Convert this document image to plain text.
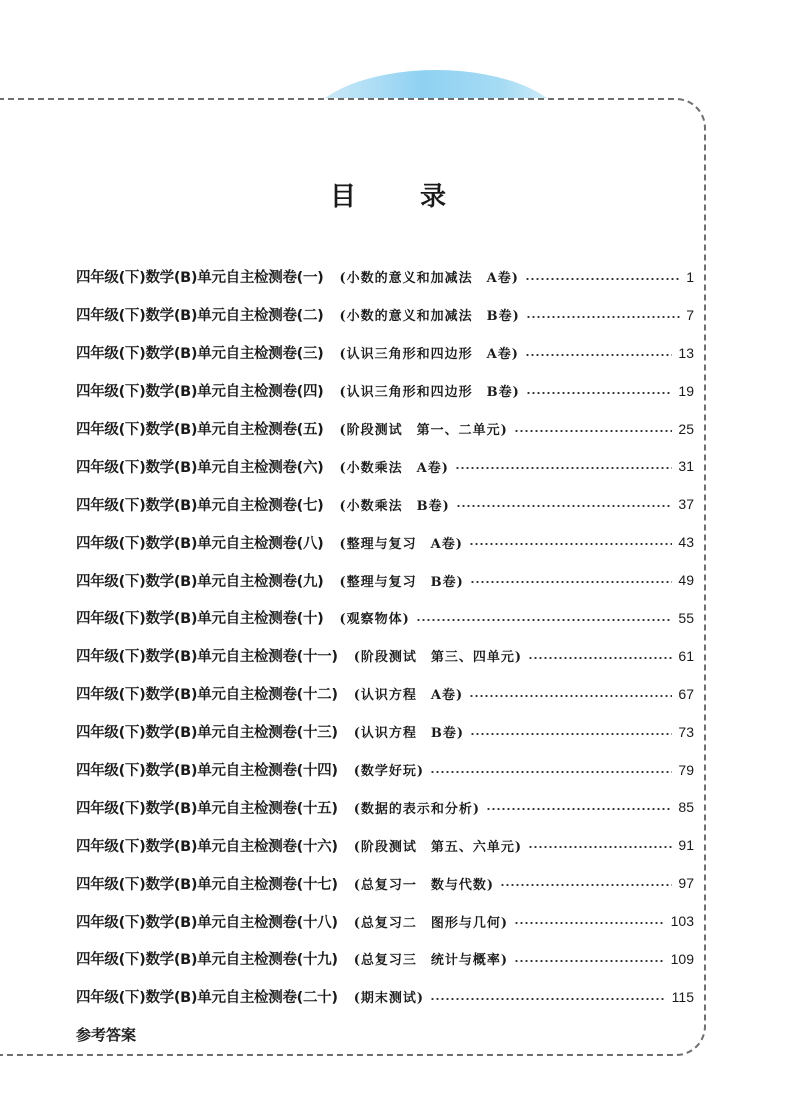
目 录
四年级(下)数学(B)单元自主检测卷(一) (小数的意义和加减法　A卷)	1
四年级(下)数学(B)单元自主检测卷(二) (小数的意义和加减法　B卷)	7
四年级(下)数学(B)单元自主检测卷(三) (认识三角形和四边形　A卷)	13
四年级(下)数学(B)单元自主检测卷(四) (认识三角形和四边形　B卷)	19
四年级(下)数学(B)单元自主检测卷(五) (阶段测试　第一、二单元)	25
四年级(下)数学(B)单元自主检测卷(六) (小数乘法　A卷)	31
四年级(下)数学(B)单元自主检测卷(七) (小数乘法　B卷)	37
四年级(下)数学(B)单元自主检测卷(八) (整理与复习　A卷)	43
四年级(下)数学(B)单元自主检测卷(九) (整理与复习　B卷)	49
四年级(下)数学(B)单元自主检测卷(十) (观察物体)	55
四年级(下)数学(B)单元自主检测卷(十一) (阶段测试　第三、四单元)	61
四年级(下)数学(B)单元自主检测卷(十二) (认识方程　A卷)	67
四年级(下)数学(B)单元自主检测卷(十三) (认识方程　B卷)	73
四年级(下)数学(B)单元自主检测卷(十四) (数学好玩)	79
四年级(下)数学(B)单元自主检测卷(十五) (数据的表示和分析)	85
四年级(下)数学(B)单元自主检测卷(十六) (阶段测试　第五、六单元)	91
四年级(下)数学(B)单元自主检测卷(十七) (总复习一　数与代数)	97
四年级(下)数学(B)单元自主检测卷(十八) (总复习二　图形与几何)	103
四年级(下)数学(B)单元自主检测卷(十九) (总复习三　统计与概率)	109
四年级(下)数学(B)单元自主检测卷(二十) (期末测试)	115
参考答案
